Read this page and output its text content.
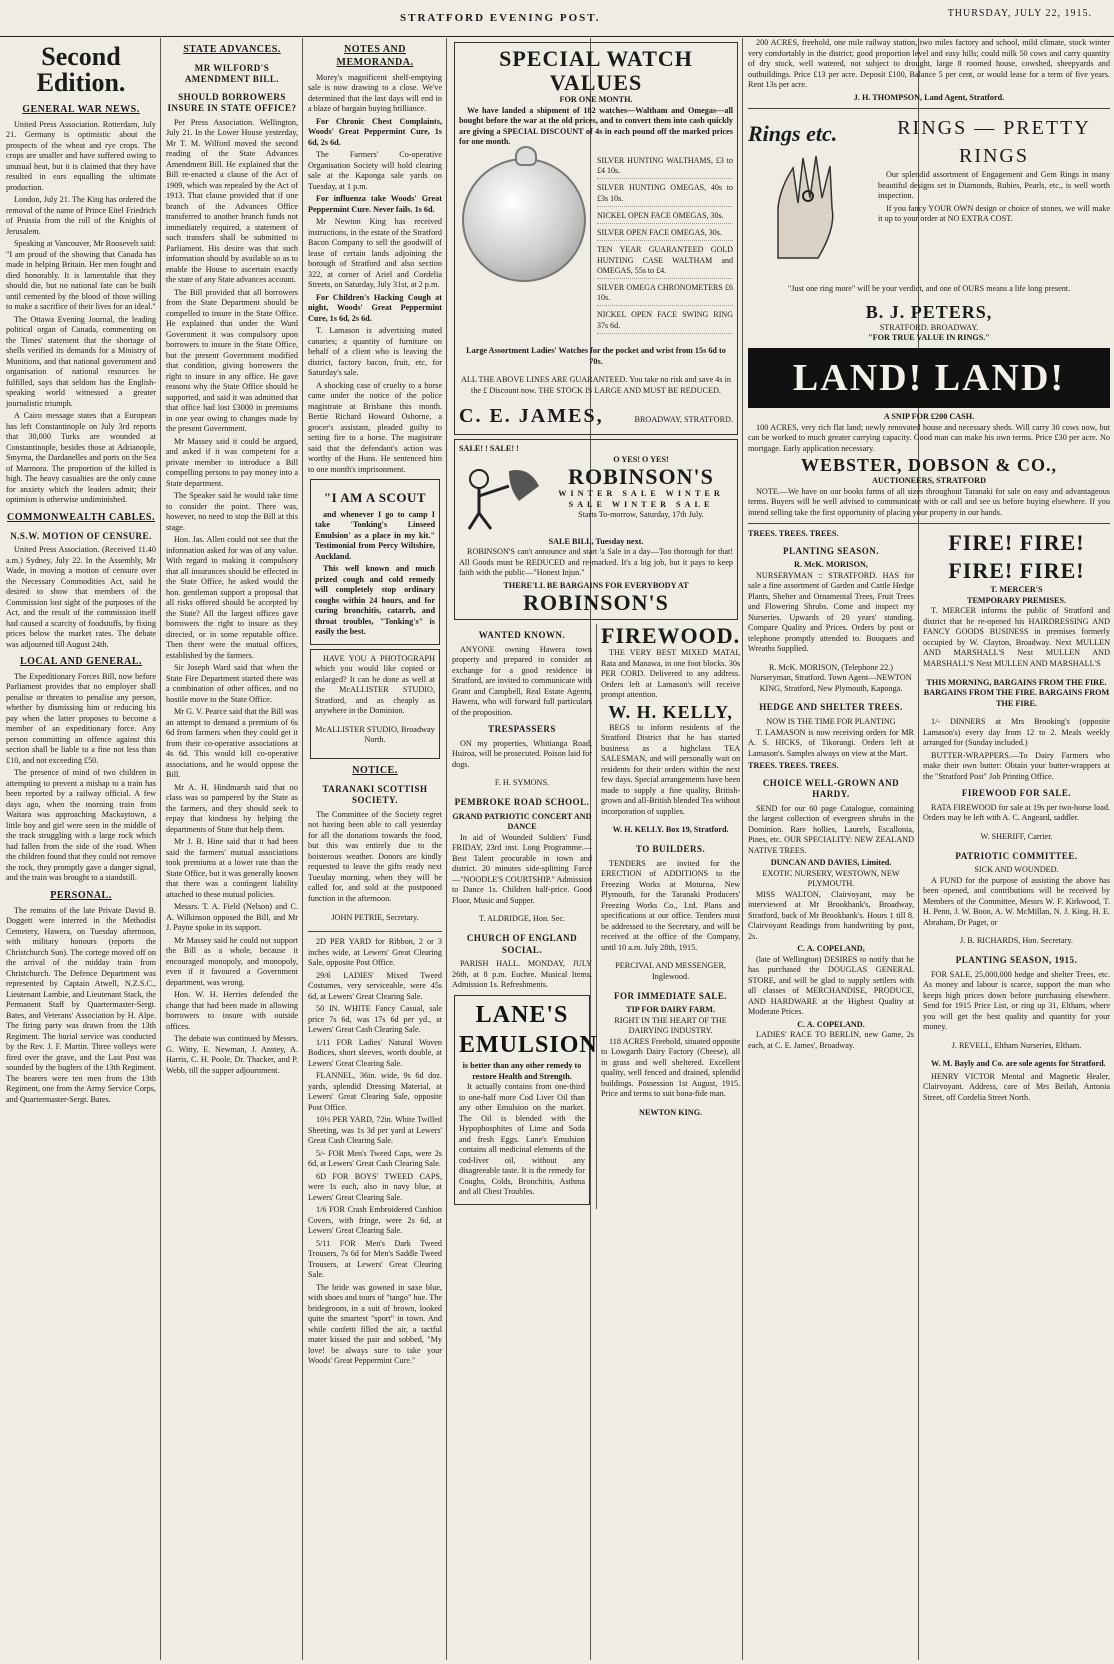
STRATFORD EVENING POST.	THURSDAY, JULY 22, 1915.
Second Edition.
GENERAL WAR NEWS.

United Press Association. Rotterdam, July 21. Germany is optimistic about the prospects of the wheat and rye crops. The crops are smaller and have suffered owing to unusual heat, but it is claimed that they have resulted in ears equalling the ultimate production.

London, July 21. The King has ordered the removal of the name of Prince Eitel Friedrich of Prussia from the roll of the Knights of Jerusalem.

Speaking at Vancouver, Mr Roosevelt said: "I am proud of the showing that Canada has made in helping Britain. Her men fought and died honorably. It is lamentable that they should die, but no national fate can be built until cemented by the blood of those willing to make a sacrifice of their lives for an ideal."

The Ottawa Evening Journal, the leading political organ of Canada, commenting on the Times' statement that the shortage of shells verified its demands for a Ministry of Munitions, and that national government and organisation of national resources be fulfilled, says that seldom has the English-speaking world witnessed a greater journalistic triumph.

A Cairo message states that a European has left Constantinople on July 3rd reports that 30,000 Turks are wounded at Constantinople, besides those at Adrianople, Smyrna, the Dardanelles and ports on the Sea of Marmora. The proportion of the killed is high. The heavy casualties are the only cause for anxiety which the leaders admit; their optimism is otherwise undiminished.

COMMONWEALTH CABLES.
N.S.W. MOTION OF CENSURE.

United Press Association. (Received 11.40 a.m.) Sydney, July 22. In the Assembly, Mr Wade, in moving a motion of censure over the Necessary Commodities Act, said he desired to show that members of the Commission lost sight of the purposes of the Act, and the result of the commission itself had caused a scarcity of foodstuffs, by fixing prices below the market rates. The debate was adjourned till August 24th.

LOCAL AND GENERAL.

The Expeditionary Forces Bill, now before Parliament provides that no employer shall penalise or threaten to penalise any person, whether by dismissing him or reducing his pay when the latter proposes to become a member of an expeditionary force. Any person committing an offence against this section shall be liable to a fine not less than £10, and not exceeding £50.

The presence of mind of two children in attempting to prevent a mishap to a train has been reported by a railway official. A few days ago, when the morning train from Waitara was approaching Mackaytown, a little boy and girl were seen in the middle of the track struggling with a large rock which had fallen from the side of the road. When the children found that they could not remove the rock, they promptly gave a danger signal, and the train was brought to a standstill.

PERSONAL.

The remains of the late Private David B. Doggett were interred in the Methodist Cemetery, Hawera, on Tuesday afternoon, with military honours (reports the Christchurch Sun). The cortege moved off on the arrival of the midday train from Christchurch. The Defence Department was represented by Captain Atwell, N.Z.S.C., Lieutenant Lambie, and Lieutenant Stack, the Permanent Staff by Quartermaster-Sergt. Bates, and Veterans' Association by H. Alpe. The firing party was drawn from the 13th Regiment. The burial service was conducted by the Rev. J. F. Martin. Three volleys were fired over the grave, and the Last Post was sounded by the buglers of the 13th Regiment. The bearers were ten men from the 13th Regiment, one from the Army Service Corps, and Quartermaster-Sergt. Bates.

STATE ADVANCES.
MR WILFORD'S AMENDMENT BILL.
SHOULD BORROWERS INSURE IN STATE OFFICE?

Per Press Association. Wellington, July 21. In the Lower House yesterday, Mr T. M. Wilford moved the second reading of the State Advances Amendment Bill. He explained that the Bill re-enacted a clause of the Act of 1909, which was repealed by the Act of 1913. That clause provided that if one branch of the Advances Office transferred to another branch funds not immediately required, a statement of such transfers shall be submitted to Parliament. His desire was that such information should by available so as to enable the House to ascertain exactly the state of any State advances account.

The Bill provided that all borrowers from the State Department should be compelled to insure in the State Office. He explained that under the Ward Government it was compulsory upon borrowers to insure in the State Office, but the present Government modified that condition, giving borrowers the right to insure in any office. He gave reasons why the State Office should be supported, and said it was admitted that that office had lost £3000 in premiums in one year owing to changes made by the present Government.

Mr Massey said it could be argued, and asked if it was competent for a private member to introduce a Bill compelling persons to pay money into a State department.

The Speaker said he would take time to consider the point. There was, however, no need to stop the Bill at this stage.

Hon. Jas. Allen could not see that the information asked for was of any value. With regard to making it compulsory that all insurances should be effected in the State Office, he asked would the hon. gentleman support a proposal that all risks offered should be accepted by the State? All the largest offices gave borrowers the right to insure as they directed, or in some reputable office. Then there were the mutual offices, established by the farmers.

Sir Joseph Ward said that when the State Fire Department started there was a combination of other offices, and no hostile move to the State Office.

Mr G. V. Pearce said that the Bill was an attempt to demand a premium of 6s 6d from farmers when they could get it from their co-operative associations at 4s 6d. This would kill co-operative associations, and he would oppose the Bill.

Mr A. H. Hindmarsh said that no class was so pampered by the State as the farmers, and they should seek to repay that kindness by helping the departments of State that help them.

Mr J. B. Hine said that it had been said the farmers' mutual associations took premiums at a lower rate than the State Office, but it was generally known that there was a contingent liability attached to these mutual policies.

Messrs. T. A. Field (Nelson) and C. A. Wilkinson opposed the Bill, and Mr J. Payne spoke in its support.

Mr Massey said he could not support the Bill as a whole, because it encouraged monopoly, and monopoly, even if it favoured a Government department, was wrong.

Hon. W. H. Herries defended the change that had been made in allowing borrowers to insure with outside offices.

The debate was continued by Messrs. G. Witty, E. Newman, J. Anstey, A. Harris, C. H. Poole, Dr. Thacker, and P. Webb, till the supper adjournment.

NOTES AND MEMORANDA.

Morey's magnificent shelf-emptying sale is now drawing to a close. We've determined that the last days will end in a blaze of bargain buying brilliance.

For Chronic Chest Complaints, Woods' Great Peppermint Cure, 1s 6d, 2s 6d.

The Farmers' Co-operative Organisation Society will hold clearing sale at the Kaponga sale yards on Tuesday, at 1 p.m.

For influenza take Woods' Great Peppermint Cure. Never fails. 1s 6d.

Mr Newton King has received instructions, in the estate of the Stratford Bacon Company to sell the goodwill of lease of certain lands adjoining the borough of Stratford and also section 322, at corner of Ariel and Cordelia Streets, on Saturday, July 31st, at 2 p.m.

For Children's Hacking Cough at night, Woods' Great Peppermint Cure, 1s 6d, 2s 6d.

T. Lamason is advertising mated canaries; a quantity of furniture on behalf of a client who is leaving the district, factory bacon, fruit, etc, for Saturday's sale.

A shocking case of cruelty to a horse came under the notice of the police magistrate at Brisbane this month. Bertie Richard Howard Osborne, a grocer's assistant, pleaded guilty to setting fire to a horse. The magistrate said that the defendant's action was worthy of the Huns. He sentenced him to one month's imprisonment.

"I AM A SCOUT

and whenever I go to camp I take 'Tonking's Linseed Emulsion' as a place in my kit." Testimonial from Percy Wiltshire, Auckland.

This well known and much prized cough and cold remedy will completely stop ordinary coughs within 24 hours, and for curing bronchitis, catarrh, and throat troubles, "Tonking's" is easily the best.

HAVE YOU A PHOTOGRAPH which you would like copied or enlarged? It can be done as well at the McALLISTER STUDIO, Stratford, and as cheaply as anywhere in the Dominion.

McALLISTER STUDIO, Broadway North.

NOTICE.
TARANAKI SCOTTISH SOCIETY.

The Committee of the Society regret not having been able to call yesterday for all the donations towards the food, but this was entirely due to the boisterous weather. Donors are kindly requested to leave the gifts ready next Tuesday morning, when they will be called for, and sold at the postponed function in the afternoon.

JOHN PETRIE, Secretary.

2D PER YARD for Ribbon, 2 or 3 inches wide, at Lewers' Great Clearing Sale, opposite Post Office.

29/6 LADIES' Mixed Tweed Costumes, very serviceable, were 45s 6d, at Lewers' Great Clearing Sale.

50 IN. WHITE Fancy Casual, sale price 7s 6d, was 17s 6d per yd., at Lewers' Great Cash Clearing Sale.

1/11 FOR Ladies' Natural Woven Bodices, short sleeves, worth double, at Lewers' Great Clearing Sale.

FLANNEL, 36in. wide, 9s 6d doz. yards, splendid Dressing Material, at Lewers' Great Clearing Sale, opposite Post Office.

10½ PER YARD, 72in. White Twilled Sheeting, was 1s 3d per yard at Lewers' Great Cash Clearing Sale.

5/- FOR Men's Tweed Caps, were 2s 6d, at Lewers' Great Cash Clearing Sale.

6D FOR BOYS' TWEED CAPS, were 1s each, also in navy blue, at Lewers' Great Clearing Sale.

1/6 FOR Crash Embroidered Cushion Covers, with fringe, were 2s 6d, at Lewers' Great Clearing Sale.

5/11 FOR Men's Dark Tweed Trousers, 7s 6d for Men's Saddle Tweed Trousers, at Lewers' Great Clearing Sale.

The bride was gowned in saxe blue, with shoes and tours of "tango" hue. The bridegroom, in a suit of brown, looked quite the smartest "sport" in town. And while confetti filled the air, a tactful mater kissed the pair and sobbed, "My love! be always sure to take your Woods' Great Peppermint Cure."

SPECIAL WATCH VALUES
FOR ONE MONTH.

We have landed a shipment of 182 watches—Waltham and Omegas—all bought before the war at the old prices, and to convert them into cash quickly are giving a SPECIAL DISCOUNT of 4s in each pound off the marked prices for one month.

SILVER HUNTING WALTHAMS, £3 to £4 10s.
SILVER HUNTING OMEGAS, 40s to £3s 10s.
NICKEL OPEN FACE OMEGAS, 30s.
SILVER OPEN FACE OMEGAS, 30s.
TEN YEAR GUARANTEED GOLD HUNTING CASE WALTHAM and OMEGAS, 55s to £4.
SILVER OMEGA CHRONOMETERS £6 10s.
NICKEL OPEN FACE SWING RING 37s 6d.

Large Assortment Ladies' Watches for the pocket and wrist from 15s 6d to 70s.

ALL THE ABOVE LINES ARE GUARANTEED. You take no risk and save 4s in the £ Discount now. THE STOCK IS LARGE AND MUST BE REDUCED.

C. E. JAMES,	BROADWAY, STRATFORD.
SALE! ! SALE! !
O YES! O YES!
ROBINSON'S
WINTER SALE WINTER SALE WINTER SALE
Starts To-morrow, Saturday, 17th July.
SALE BILL, Tuesday next.

ROBINSON'S can't announce and start 'a Sale in a day—Too thorough for that! All Goods must be REDUCED and re-marked. It's a big job, but it pays to keep faith with the public—"Honest Injun."

THERE'LL BE BARGAINS FOR EVERYBODY AT
ROBINSON'S
WANTED KNOWN.

ANYONE owning Hawera town property and prepared to consider an exchange for a good residence in Stratford, are invited to communicate with Grant and Campbell, Real Estate Agents, Hawera, who will forward full particulars of the proposition.

TRESPASSERS

ON my properties, Whitianga Road, Huiroa, will be prosecuted. Poison laid for dogs.

F. H. SYMONS.

PEMBROKE ROAD SCHOOL.
GRAND PATRIOTIC CONCERT AND DANCE

In aid of Wounded Soldiers' Fund. FRIDAY, 23rd inst. Long Programme.—Best Talent procurable in town and district. 20 minutes side-splitting Farce—"NOODLE'S COURTSHIP." Admission to Dance 1s. Children half-price. Good Floor, Music and Supper.

T. ALDRIDGE, Hon. Sec.

CHURCH OF ENGLAND SOCIAL.

PARISH HALL. MONDAY, JULY 26th, at 8 p.m. Euchre. Musical Items. Admission 1s. Refreshments.

LANE'S EMULSION
is better than any other remedy to restore Health and Strength.

It actually contains from one-third to one-half more Cod Liver Oil than any other Emulsion on the market. The Oil is blended with the Hypophosphites of Lime and Soda and fresh Eggs. Lane's Emulsion contains all medicinal elements of the cod-liver oil, without any disagreeable taste. It is the remedy for Coughs, Colds, Bronchitis, Asthma and all Chest Troubles.

FIREWOOD.

THE VERY BEST MIXED MATAI, Rata and Manawa, in one foot blocks. 30s PER CORD. Delivered to any address. Orders left at Lamason's will receive prompt attention.

W. H. KELLY,

BEGS to inform residents of the Stratford District that he has started business as a highclass TEA SALESMAN, and will personally wait on residents for their orders within the next few days. Special arrangements have been made to supply a fine quality, British-grown and all-British blended Tea without incorporation of supplies.

W. H. KELLY. Box 19, Stratford.

TO BUILDERS.

TENDERS are invited for the ERECTION of ADDITIONS to the Freezing Works at Moturoa, New Plymouth, for the Taranaki Producers' Freezing Works Co., Ltd. Plans and specifications at our office. Tenders must be addressed to the Secretary, and will be received at the office of the Company, until 10 a.m. July 28th, 1915.

PERCIVAL AND MESSENGER, Inglewood.

FOR IMMEDIATE SALE.
TIP FOR DAIRY FARM.
RIGHT IN THE HEART OF THE DAIRYING INDUSTRY.

118 ACRES Freehold, situated opposite to Lowgarth Dairy Factory (Cheese), all in grass and well sheltered. Excellent quality, well fenced and drained, splendid buildings. Possession 1st August, 1915. Price and terms to suit bona-fide man.

NEWTON KING.

200 ACRES, freehold, one mile railway station, two miles factory and school, mild climate, stock winter very comfortably in the district; good proportion level and easy hills; could milk 50 cows and carry quantity of dry stock, well watered, not subject to drought, large 8 roomed house, cowshed, sheepyards and outbuildings. Price £13 per acre. Deposit £100, Balance 5 per cent, or would lease for a term of five years. Rent 13s per acre.

J. H. THOMPSON, Land Agent, Stratford.
Rings etc.	RINGS — PRETTY RINGS

Our splendid assortment of Engagement and Gem Rings in many beautiful designs set in Diamonds, Rubies, Pearls, etc., is well worth inspection.

If you fancy YOUR OWN design or choice of stones, we will make it up to your order at NO EXTRA COST.

"Just one ring more" will be your verdict, and one of OURS means a life long present.

B. J. PETERS,
STRATFORD. BROADWAY.
"FOR TRUE VALUE IN RINGS."
LAND! LAND!
A SNIP FOR £200 CASH.

100 ACRES, very rich flat land; newly renovated house and necessary sheds. Will carry 30 cows now, but can be worked to much greater carrying capacity. Good man can make his own terms. Price £30 per acre. No mortgage. Early application necessary.

WEBSTER, DOBSON & CO.,
AUCTIONEERS, STRATFORD

NOTE.—We have on our books farms of all sizes throughout Taranaki for sale on easy and advantageous terms. Buyers will be well advised to communicate with or call and see us before buying elsewhere. If you intend selling take the first opportunity of placing your property in our hands.

TREES. TREES. TREES.
PLANTING SEASON.
R. McK. MORISON,

NURSERYMAN :: STRATFORD. HAS for sale a fine assortment of Garden and Cattle Hedge Plants, Shelter and Ornamental Trees, Fruit Trees and Flowering Shrubs. Come and inspect my Nurseries. Upwards of 20 years' standing. Compare Quality and Prices. Orders by post or telephone promptly attended to. Bouquets and Wreaths Supplied.

R. McK. MORISON, (Telephone 22.) Nurseryman, Stratford. Town Agent—NEWTON KING, Stratford, New Plymouth, Kaponga.

HEDGE AND SHELTER TREES.
NOW IS THE TIME FOR PLANTING

T. LAMASON is now receiving orders for MR A. S. HICKS, of Tikorangi. Orders left at Lamason's. Samples always on view at the Mart.

TREES. TREES. TREES.
CHOICE WELL-GROWN AND HARDY.

SEND for our 60 page Catalogue, containing the largest collection of evergreen shrubs in the Dominion. Rare hollies, Laurels, Escallonia, Pines, etc. OUR SPECIALITY: NEW ZEALAND NATIVE TREES.

DUNCAN AND DAVIES, Limited.
EXOTIC NURSERY, WESTOWN, NEW PLYMOUTH.

MISS WALTON, Clairvoyant, may be interviewed at Mr Brookbank's, Broadway, Stratford, back of Mr Brookbank's. Hours 1 till 8. Clairvoyant Readings from handwriting by post, 2s.

C. A. COPELAND,

(late of Wellington) DESIRES to notify that he has purchased the DOUGLAS GENERAL STORE, and will be glad to supply settlers with all classes of MERCHANDISE, PRODUCE, AND HARDWARE at the Highest Quality at Moderate Prices.

C. A. COPELAND.

LADIES' RACE TO BERLIN, new Game, 2s each, at C. E. James', Broadway.

FIRE! FIRE! FIRE! FIRE!
T. MERCER'S
TEMPORARY PREMISES.

T. MERCER informs the public of Stratford and district that he re-opened his HAIRDRESSING AND FANCY GOODS BUSINESS in premises formerly occupied by W. Clayton, Broadway. Next MULLEN AND MARSHALL'S Next MULLEN AND MARSHALL'S Next MULLEN AND MARSHALL'S

THIS MORNING, BARGAINS FROM THE FIRE. BARGAINS FROM THE FIRE. BARGAINS FROM THE FIRE.

1/- DINNERS at Mrs Brooking's (opposite Lamason's) every day from 12 to 2. Meals weekly arranged for (Sunday included.)

BUTTER-WRAPPERS.—To Dairy Farmers who make their own butter: Obtain your butter-wrappers at the "Stratford Post" Job Printing Office.

FIREWOOD FOR SALE.

RATA FIREWOOD for sale at 19s per two-horse load. Orders may be left with A. C. Angeard, saddler.

W. SHERIFF, Carrier.

PATRIOTIC COMMITTEE.
SICK AND WOUNDED.

A FUND for the purpose of assisting the above has been opened, and contributions will be received by Members of the Committee, Messrs W. F. Kirkwood, T. H. Penn, J. W. Boon, A. W. McMillan, N. J. King, H. E. Abraham, Dr Paget, or

J. B. RICHARDS, Hon. Secretary.

PLANTING SEASON, 1915.

FOR SALE, 25,000,000 hedge and shelter Trees, etc. As money and labour is scarce, support the man who keeps high prices down before purchasing elsewhere. Send for 1915 Price List, or ring up 31, Eltham, where you will get the best quality and quantity for your money.

J. REVELL, Eltham Nurseries, Eltham.

W. M. Bayly and Co. are sole agents for Stratford.

HENRY VICTOR Mental and Magnetic Healer, Clairvoyant. Address, care of Mrs Beilah, Antonia Street, off Cordelia Street North.
